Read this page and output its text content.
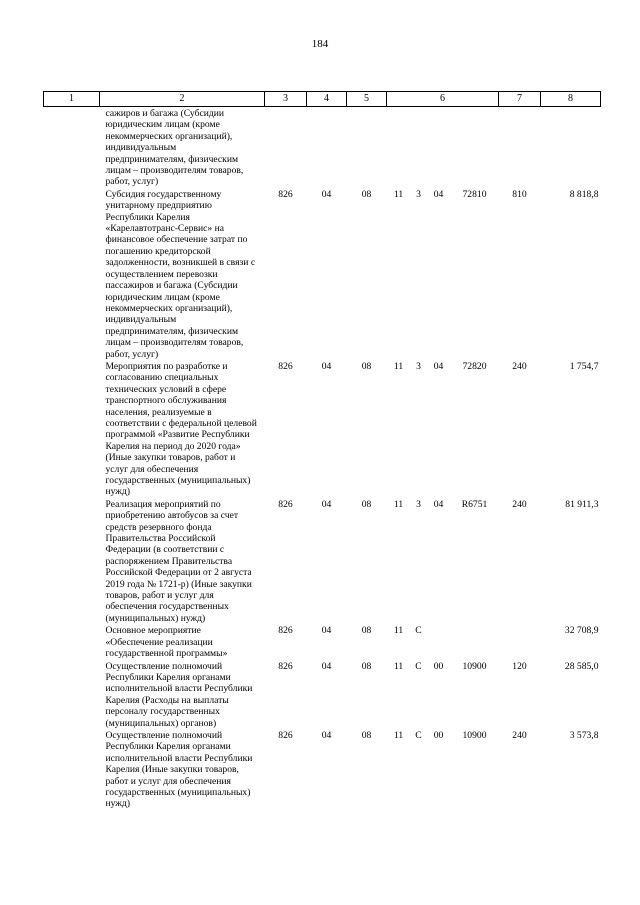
184
1	2	3	4	5	6				7	8
	сажиров и багажа (Субсидии юридическим лицам (кроме некоммерческих организаций), индивидуальным предпринимателям, физическим лицам – производителям товаров, работ, услуг)									
	Субсидия государственному унитарному предприятию Республики Карелия «Карелавтотранс-Сервис» на финансовое обеспечение затрат по погашению кредиторской задолженности, возникшей в связи с осуществлением перевозки пассажиров и багажа (Субсидии юридическим лицам (кроме некоммерческих организаций), индивидуальным предпринимателям, физическим лицам – производителям товаров, работ, услуг)	826	04	08	11	3	04	72810	810	8 818,8
	Мероприятия по разработке и согласованию специальных технических условий в сфере транспортного обслуживания населения, реализуемые в соответствии с федеральной целевой программой «Развитие Республики Карелия на период до 2020 года» (Иные закупки товаров, работ и услуг для обеспечения государственных (муниципальных) нужд)	826	04	08	11	3	04	72820	240	1 754,7
	Реализация мероприятий по приобретению автобусов за счет средств резервного фонда Правительства Российской Федерации (в соответствии с распоряжением Правительства Российской Федерации от 2 августа 2019 года № 1721-р) (Иные закупки товаров, работ и услуг для обеспечения государственных (муниципальных) нужд)	826	04	08	11	3	04	R6751	240	81 911,3
	Основное мероприятие «Обеспечение реализации государственной программы»	826	04	08	11	С				32 708,9
	Осуществление полномочий Республики Карелия органами исполнительной власти Республики Карелия (Расходы на выплаты персоналу государственных (муниципальных) органов)	826	04	08	11	С	00	10900	120	28 585,0
	Осуществление полномочий Республики Карелия органами исполнительной власти Республики Карелия (Иные закупки товаров, работ и услуг для обеспечения государственных (муниципальных) нужд)	826	04	08	11	С	00	10900	240	3 573,8
